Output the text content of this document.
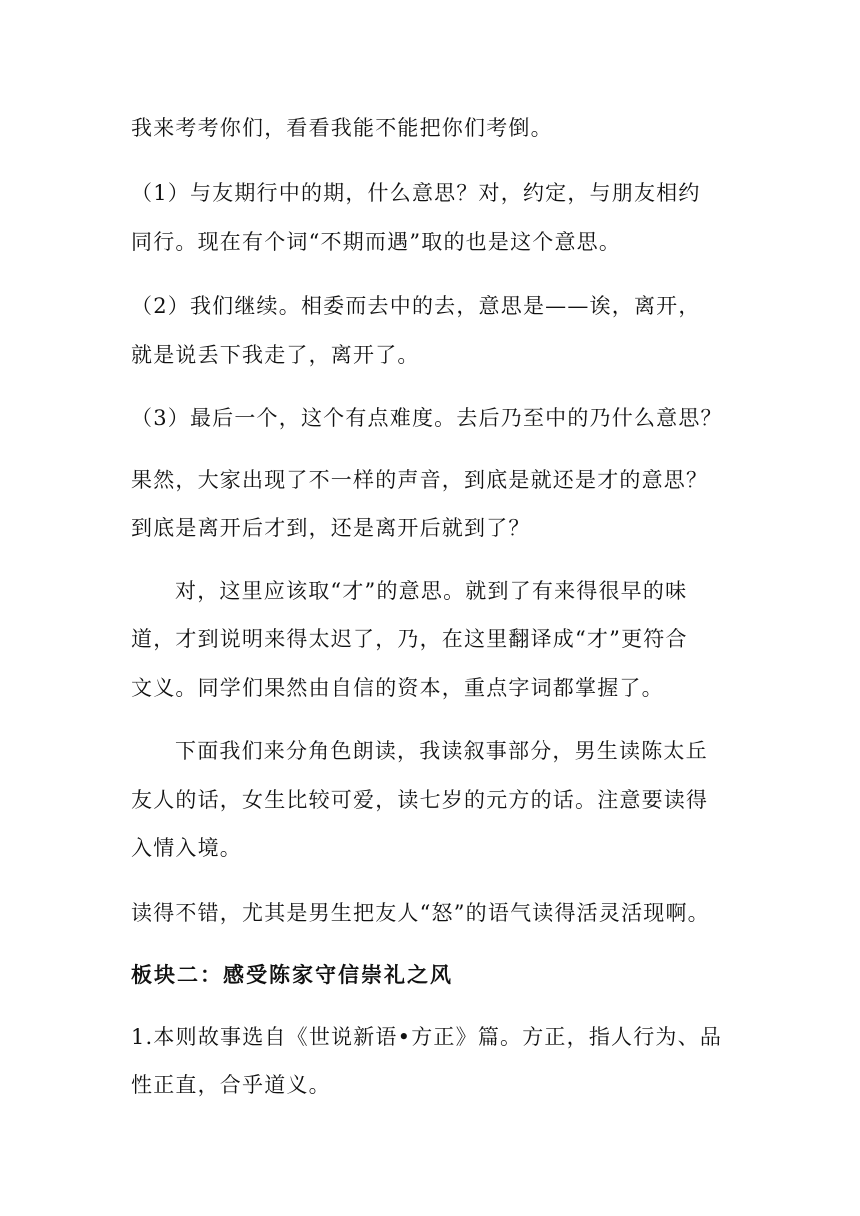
我来考考你们，看看我能不能把你们考倒。
（1）与友期行中的期，什么意思？对，约定，与朋友相约
同行。现在有个词“不期而遇”取的也是这个意思。
（2）我们继续。相委而去中的去，意思是——诶，离开，
就是说丢下我走了，离开了。
（3）最后一个，这个有点难度。去后乃至中的乃什么意思？
果然，大家出现了不一样的声音，到底是就还是才的意思？
到底是离开后才到，还是离开后就到了？
对，这里应该取“才”的意思。就到了有来得很早的味
道，才到说明来得太迟了，乃，在这里翻译成“才”更符合
文义。同学们果然由自信的资本，重点字词都掌握了。
下面我们来分角色朗读，我读叙事部分，男生读陈太丘
友人的话，女生比较可爱，读七岁的元方的话。注意要读得
入情入境。
读得不错，尤其是男生把友人“怒”的语气读得活灵活现啊。
板块二：感受陈家守信崇礼之风
1.本则故事选自《世说新语•方正》篇。方正，指人行为、品
性正直，合乎道义。
